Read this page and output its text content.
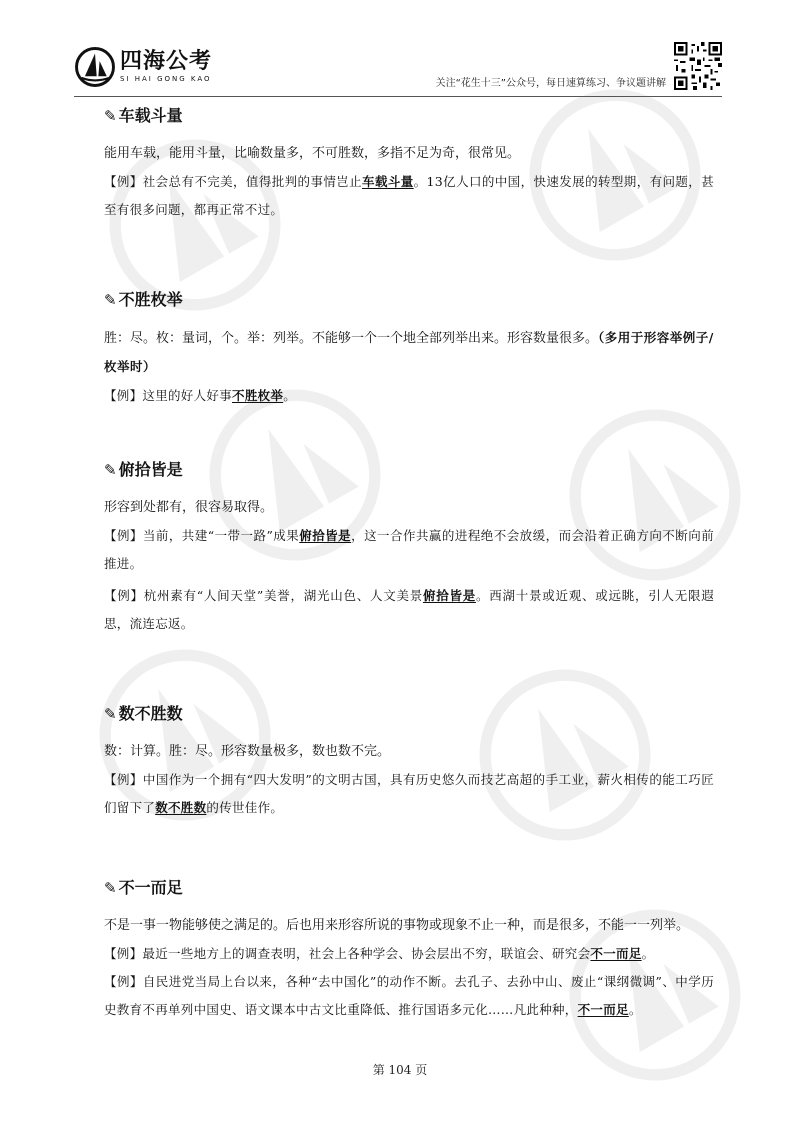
四海公考
SI HAI GONG KAO	关注“花生十三”公众号，每日速算练习、争议题讲解
✎ 车载斗量
能用车载，能用斗量，比喻数量多，不可胜数，多指不足为奇，很常见。
【例】社会总有不完美，值得批判的事情岂止车载斗量。13亿人口的中国，快速发展的转型期，有问题，甚至有很多问题，都再正常不过。
✎ 不胜枚举
胜：尽。枚：量词，个。举：列举。不能够一个一个地全部列举出来。形容数量很多。（多用于形容举例子/枚举时）
【例】这里的好人好事不胜枚举。
✎ 俯拾皆是
形容到处都有，很容易取得。
【例】当前，共建“一带一路”成果俯拾皆是，这一合作共赢的进程绝不会放缓，而会沿着正确方向不断向前推进。
【例】杭州素有“人间天堂”美誉，湖光山色、人文美景俯拾皆是。西湖十景或近观、或远眺，引人无限遐思，流连忘返。
✎ 数不胜数
数：计算。胜：尽。形容数量极多，数也数不完。
【例】中国作为一个拥有“四大发明”的文明古国，具有历史悠久而技艺高超的手工业，薪火相传的能工巧匠们留下了数不胜数的传世佳作。
✎ 不一而足
不是一事一物能够使之满足的。后也用来形容所说的事物或现象不止一种，而是很多，不能一一列举。
【例】最近一些地方上的调查表明，社会上各种学会、协会层出不穷，联谊会、研究会不一而足。
【例】自民进党当局上台以来，各种“去中国化”的动作不断。去孔子、去孙中山、废止“课纲微调”、中学历史教育不再单列中国史、语文课本中古文比重降低、推行国语多元化……凡此种种，不一而足。
第 104 页
